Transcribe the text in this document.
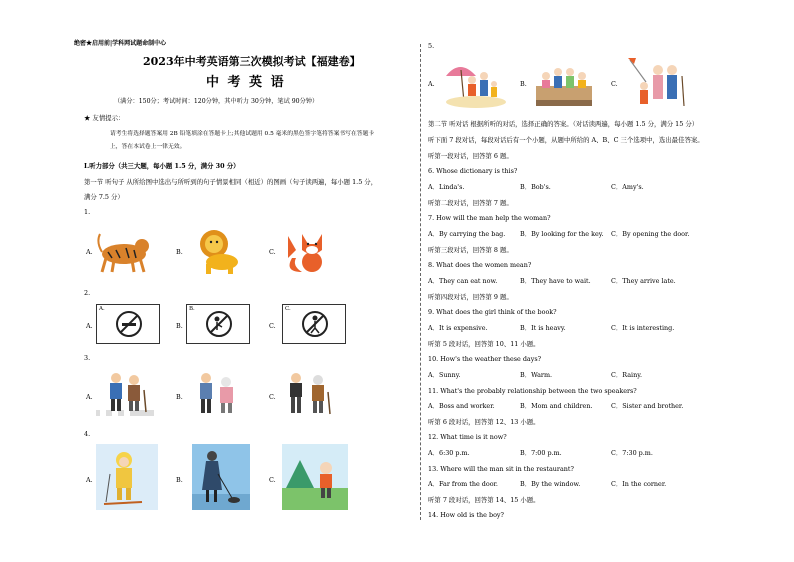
绝密★启用前|学科网试题命制中心
2023年中考英语第三次模拟考试【福建卷】
中 考 英 语
（满分：150分；考试时间：120分钟，其中听力 30分钟，笔试 90分钟）
★ 友情提示：
请考生将选择题答案用 2B 铅笔填涂在答题卡上;其他试题用 0.5 毫米的黑色签字笔将答案书写在答题卡
上，答在本试卷上一律无效。
I.听力部分（共三大题，每小题 1.5 分，满分 30 分）
第一节 听句子 从所给图中选出与所听到的句子情景相同（相近）的图画（句子读两遍，每小题 1.5 分，
满分 7.5 分）
1.
A.	B.	C.
2.
A.	B.	C.
A.	B.	C.
3.
A.	B.	C.
4.
A.	B.	C.
5.
A.	B.	C.
第二节 听对话 根据所听的对话，选择正确的答案。（对话读两遍，每小题 1.5 分，满分 15 分）
听下面 7 段对话，每段对话后有一个小题，从题中所给的 A、B、C 三个选项中，选出最佳答案。
听第一段对话，回答第 6 题。
6. Whose dictionary is this?
A．Linda's.	B．Bob's.	C．Amy's.
听第二段对话，回答第 7 题。
7. How will the man help the woman?
A．By carrying the bag. B．By looking for the key. C．By opening the door.
听第三段对话，回答第 8 题。
8. What does the women mean?
A．They can eat now.	B．They have to wait.	C．They arrive late.
听第四段对话，回答第 9 题。
9. What does the girl think of the book?
A．It is expensive.	B．It is heavy.	C．It is interesting.
听第 5 段对话，回答第 10、11 小题。
10. How's the weather these days?
A．Sunny.	B．Warm.	C．Rainy.
11. What's the probably relationship between the two speakers?
A．Boss and worker.	B．Mom and children.	C．Sister and brother.
听第 6 段对话，回答第 12、13 小题。
12. What time is it now?
A．6:30 p.m.	B．7:00 p.m.	C．7:30 p.m.
13. Where will the man sit in the restaurant?
A．Far from the door.	B．By the window.	C．In the corner.
听第 7 段对话，回答第 14、15 小题。
14. How old is the boy?
